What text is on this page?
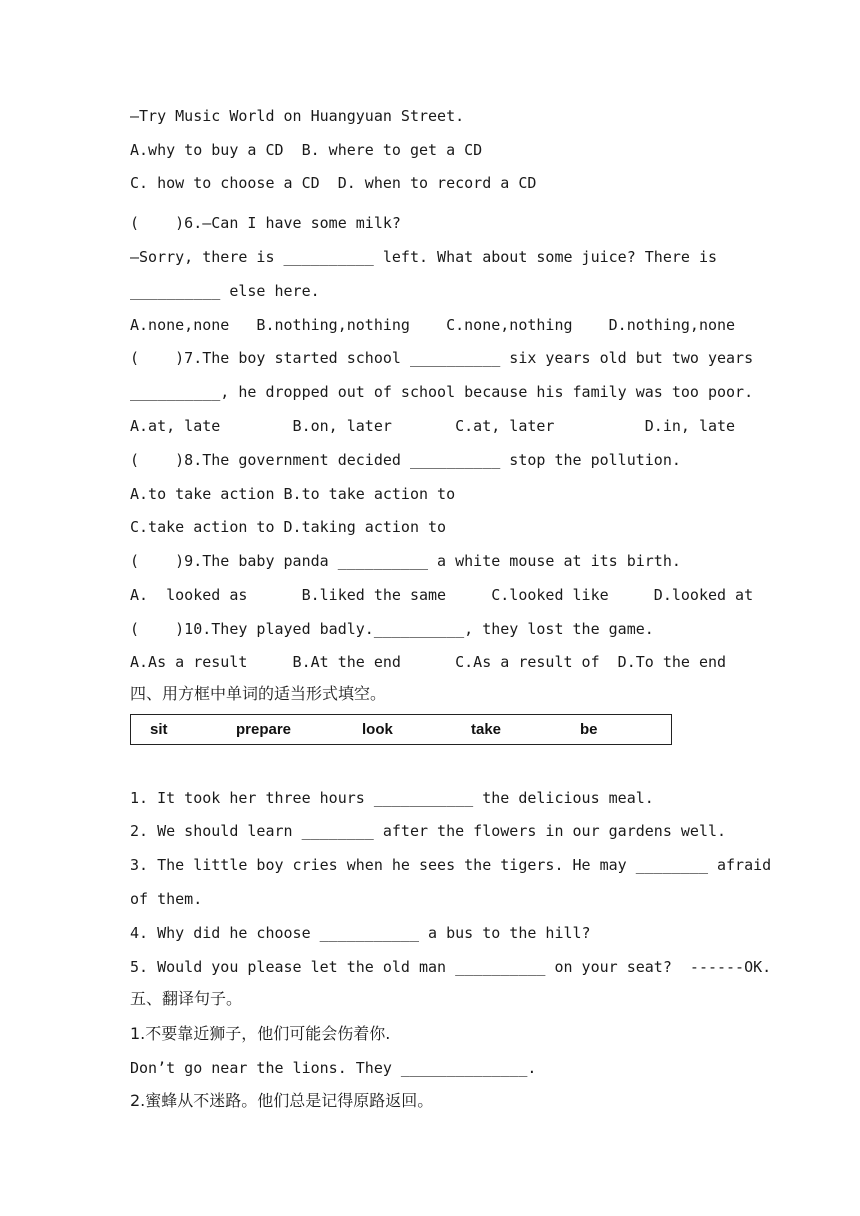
—Try Music World on Huangyuan Street.
A.why to buy a CD  B. where to get a CD
C. how to choose a CD  D. when to record a CD
(    )6.—Can I have some milk?
—Sorry, there is __________ left. What about some juice? There is
__________ else here.
A.none,none   B.nothing,nothing    C.none,nothing    D.nothing,none
(    )7.The boy started school __________ six years old but two years
__________, he dropped out of school because his family was too poor.
A.at, late        B.on, later       C.at, later          D.in, late
(    )8.The government decided __________ stop the pollution.
A.to take action B.to take action to
C.take action to D.taking action to
(    )9.The baby panda __________ a white mouse at its birth.
A.  looked as      B.liked the same     C.looked like     D.looked at
(    )10.They played badly.__________, they lost the game.
A.As a result     B.At the end      C.As a result of  D.To the end
四、用方框中单词的适当形式填空。
sit	prepare	look	take	be
1. It took her three hours ___________ the delicious meal.
2. We should learn ________ after the flowers in our gardens well.
3. The little boy cries when he sees the tigers. He may ________ afraid
of them.
4. Why did he choose ___________ a bus to the hill?
5. Would you please let the old man __________ on your seat?  ------OK.
五、翻译句子。
1.不要靠近狮子，他们可能会伤着你.
Don’t go near the lions. They ______________.
2.蜜蜂从不迷路。他们总是记得原路返回。
